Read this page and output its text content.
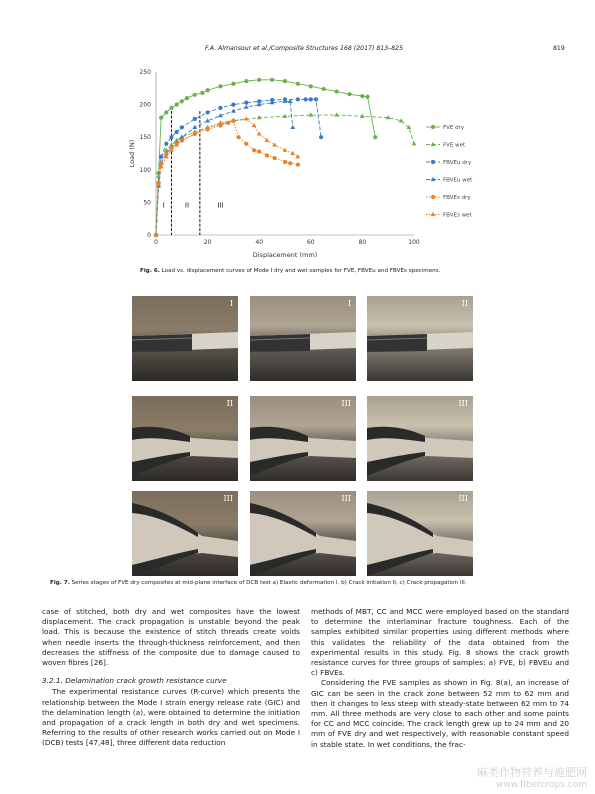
F.A. Almansour et al./Composite Structures 168 (2017) 813–825	819
0
50
100
150
200
250
0	20	40	60	80	100
Displacement (mm)
Load (N)
I	II	III
FVE dry
FVE wet
FBVEu dry
FBVEu wet
FBVEs dry
FBVEs wet
Fig. 6. Load vs. displacement curves of Mode I dry and wet samples for FVE, FBVEu and FBVEs specimens.
I	I	II
II	III	III
III	III	III
Fig. 7. Series stages of FVE dry composites at mid-plane interface of DCB test a) Elastic deformation I, b) Crack initiation II, c) Crack propagation III.

case of stitched, both dry and wet composites have the lowest displacement. The crack propagation is unstable beyond the peak load. This is because the existence of stitch threads create voids when needle inserts the through-thickness reinforcement, and then decreases the stiffness of the composite due to damage caused to woven fibres [26].

3.2.1. Delamination crack growth resistance curve

The experimental resistance curves (R-curve) which presents the relationship between the Mode I strain energy release rate (GIC) and the delamination length (a), were obtained to determine the initiation and propagation of a crack length in both dry and wet specimens. Referring to the results of other research works carried out on Mode I (DCB) tests [47,48], three different data reduction

methods of MBT, CC and MCC were employed based on the standard to determine the interlaminar fracture toughness. Each of the samples exhibited similar properties using different methods where this validates the reliability of the data obtained from the experimental results in this study. Fig. 8 shows the crack growth resistance curves for three groups of samples: a) FVE, b) FBVEu and c) FBVEs.

Considering the FVE samples as shown in Fig. 8(a), an increase of GIC can be seen in the crack zone between 52 mm to 62 mm and then it changes to less steep with steady-state between 62 mm to 74 mm. All three methods are very close to each other and some points for CC and MCC coincide. The crack length grew up to 24 mm and 20 mm of FVE dry and wet respectively, with reasonable constant speed in stable state. In wet conditions, the frac-

麻类作物营养与施肥网
www.fibercrops.com
